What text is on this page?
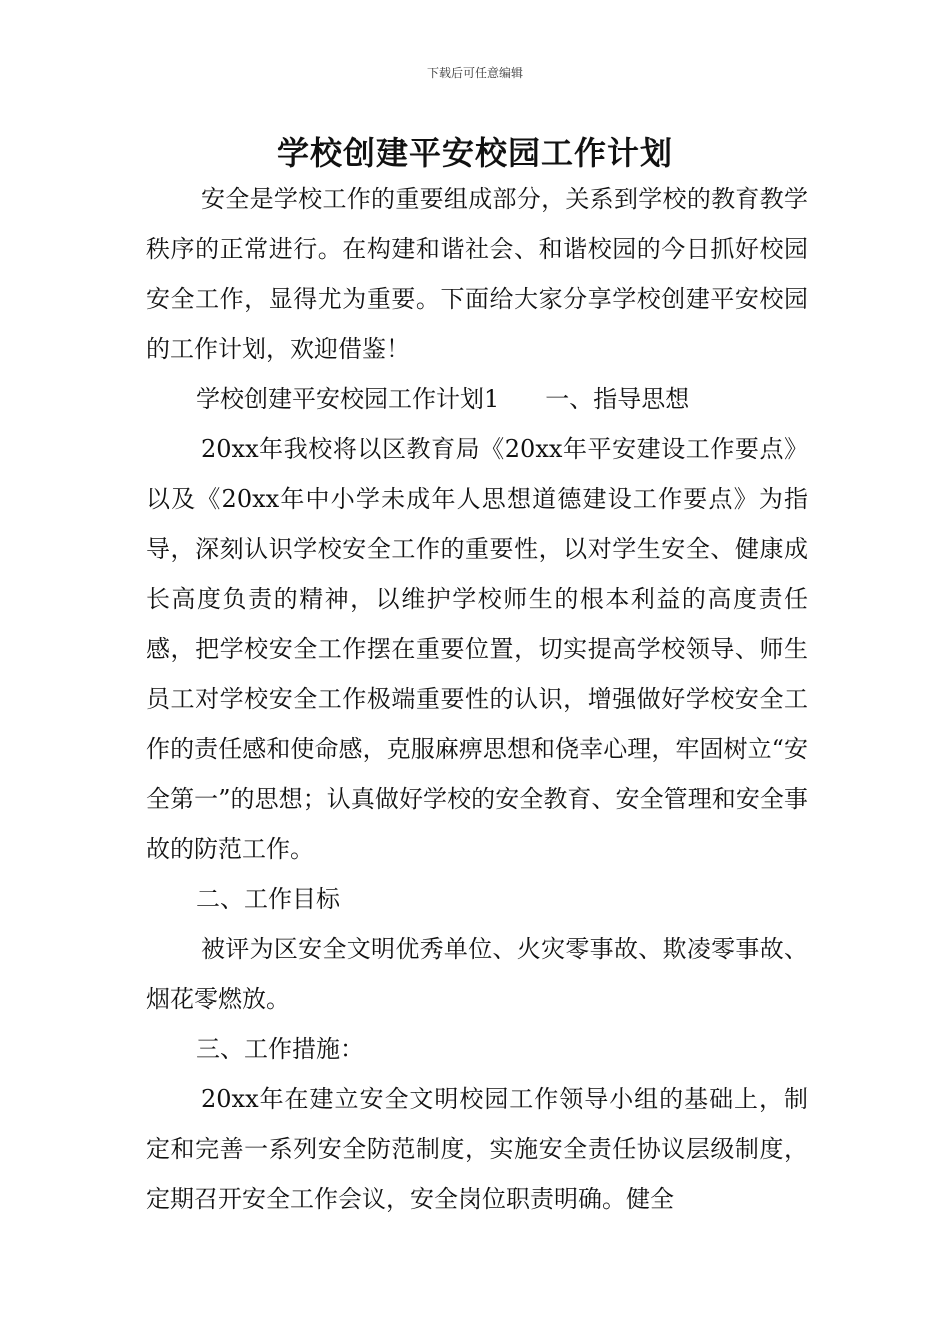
下载后可任意编辑
学校创建平安校园工作计划

安全是学校工作的重要组成部分，关系到学校的教育教学秩序的正常进行。在构建和谐社会、和谐校园的今日抓好校园安全工作，显得尤为重要。下面给大家分享学校创建平安校园的工作计划，欢迎借鉴！

学校创建平安校园工作计划1 一、指导思想

20xx年我校将以区教育局《20xx年平安建设工作要点》以及《20xx年中小学未成年人思想道德建设工作要点》为指导，深刻认识学校安全工作的重要性，以对学生安全、健康成长高度负责的精神，以维护学校师生的根本利益的高度责任感，把学校安全工作摆在重要位置，切实提高学校领导、师生员工对学校安全工作极端重要性的认识，增强做好学校安全工作的责任感和使命感，克服麻痹思想和侥幸心理，牢固树立“安全第一”的思想；认真做好学校的安全教育、安全管理和安全事故的防范工作。

二、工作目标

被评为区安全文明优秀单位、火灾零事故、欺凌零事故、烟花零燃放。

三、工作措施：

20xx年在建立安全文明校园工作领导小组的基础上，制定和完善一系列安全防范制度，实施安全责任协议层级制度，定期召开安全工作会议，安全岗位职责明确。健全
